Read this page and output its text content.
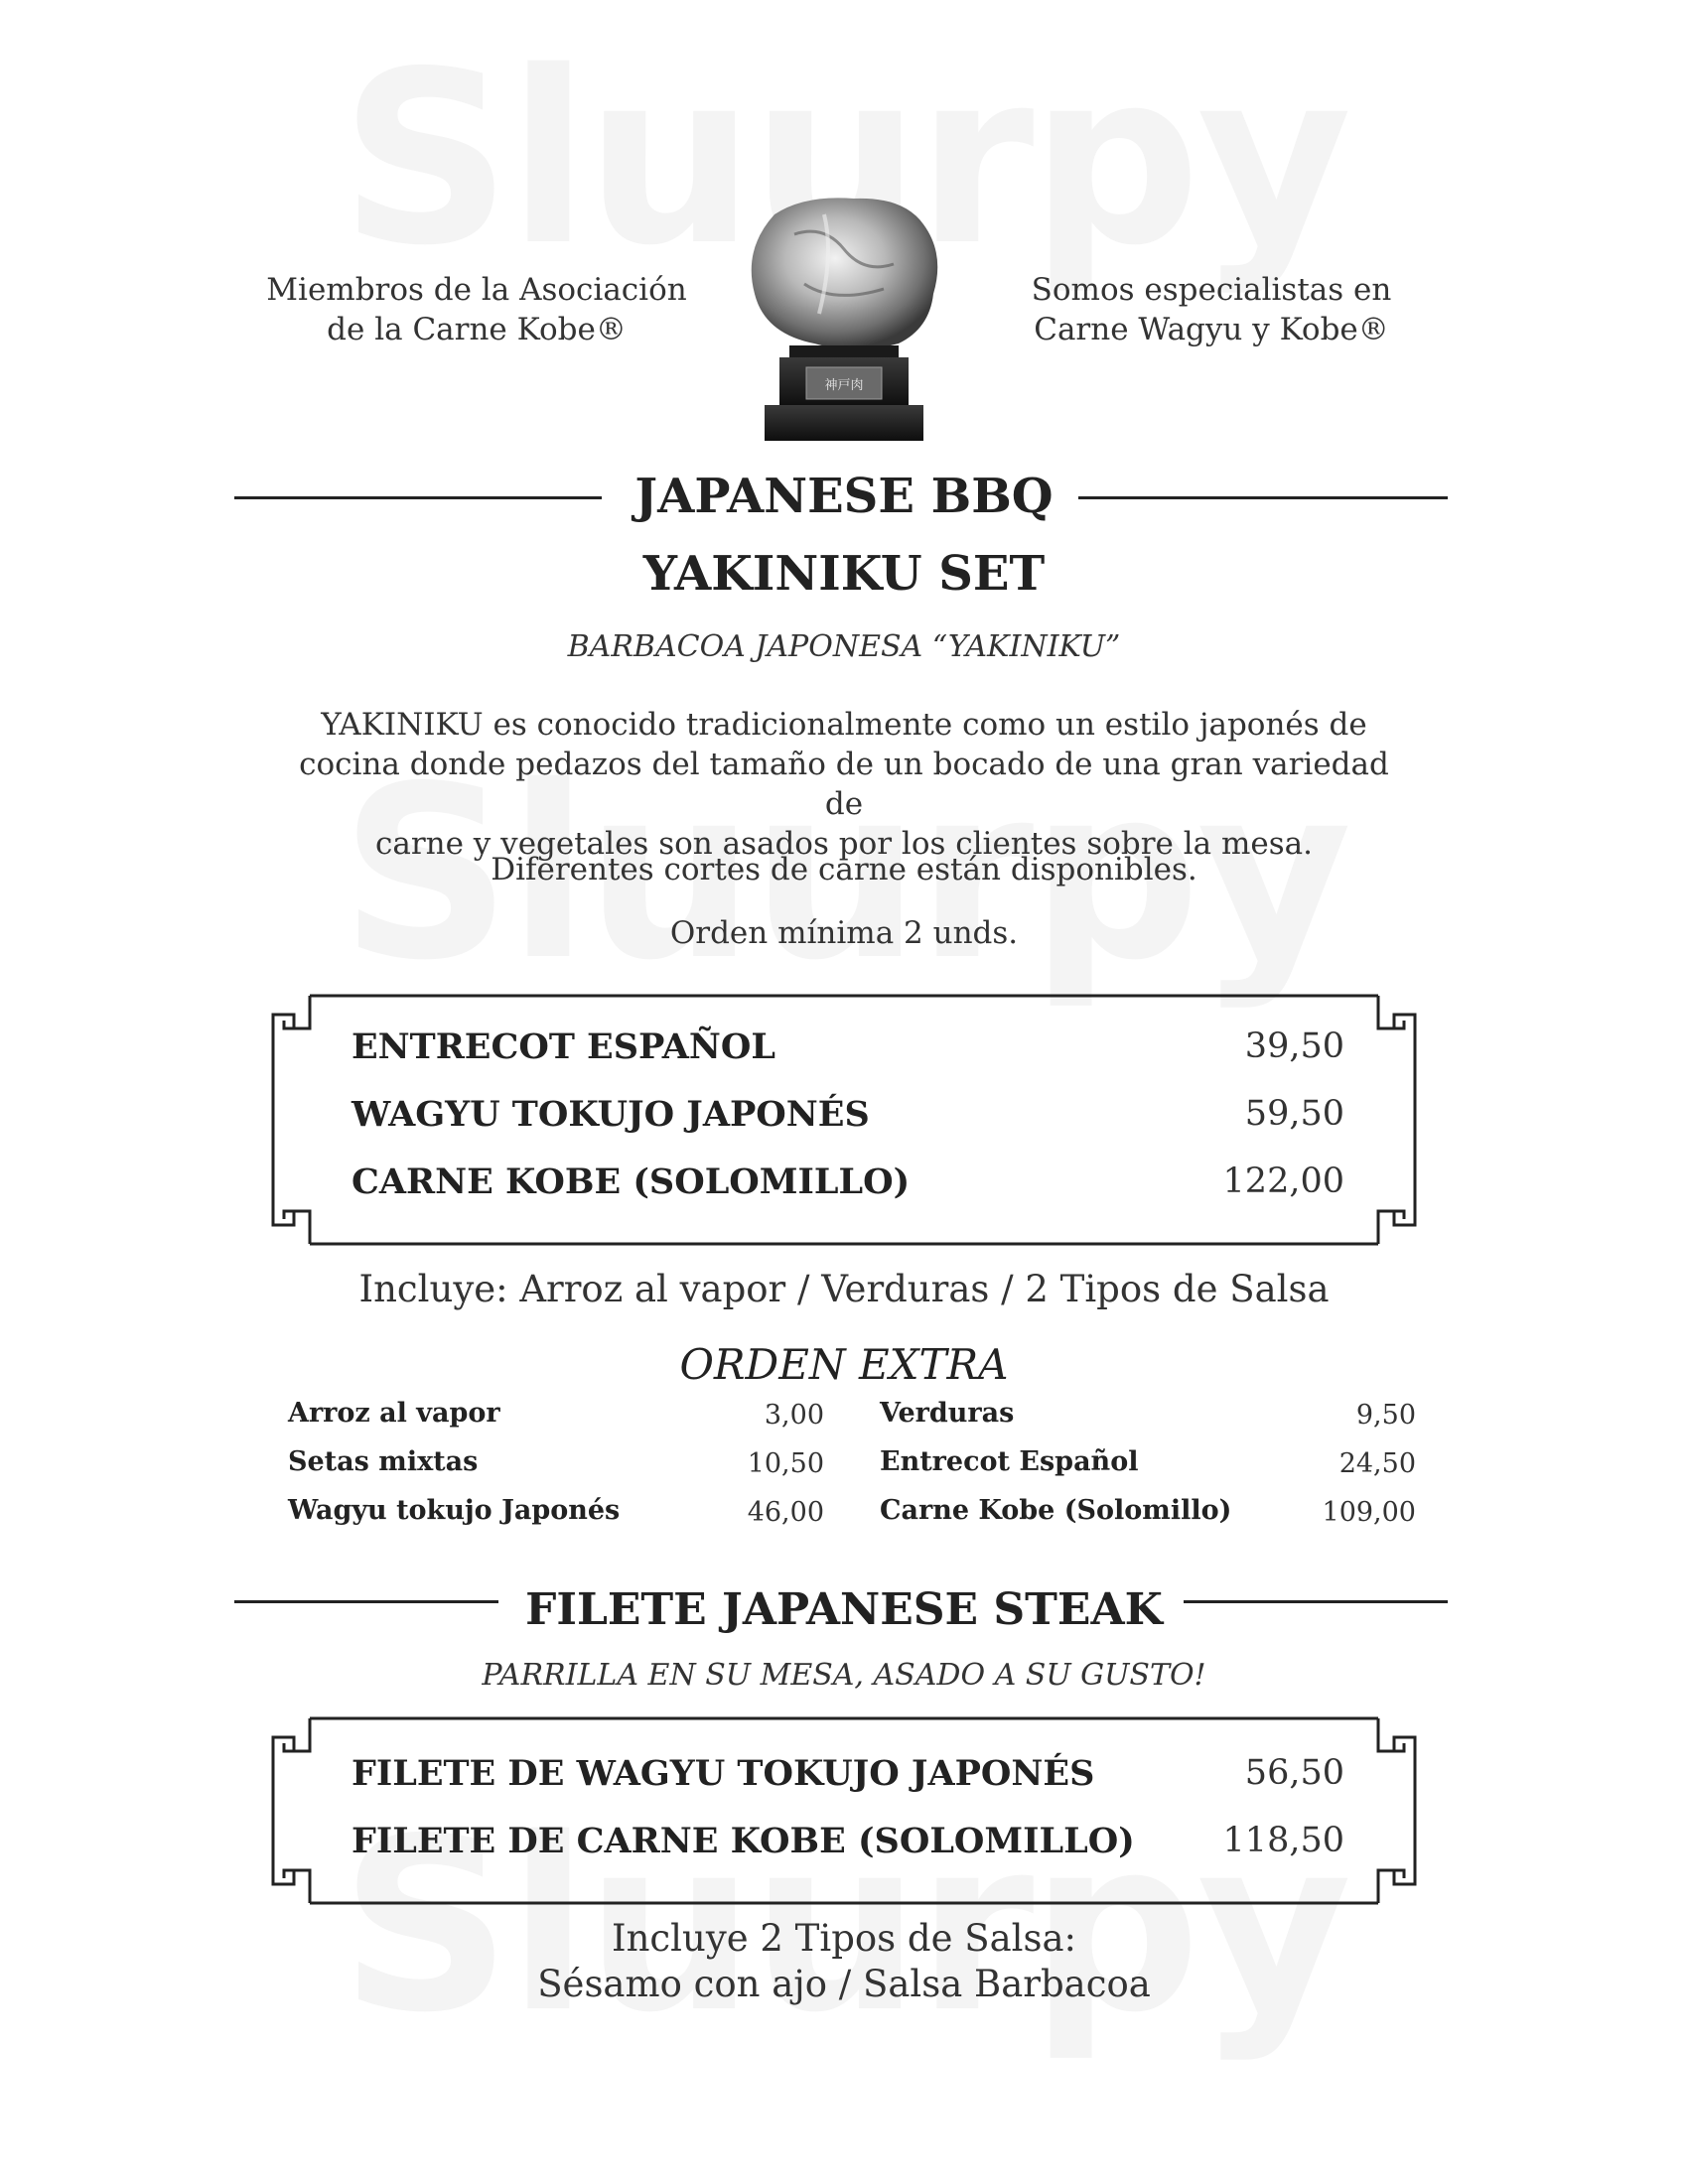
Miembros de la Asociación
de la Carne Kobe®
神戸肉
Somos especialistas en
Carne Wagyu y Kobe®
JAPANESE BBQ
YAKINIKU SET
BARBACOA JAPONESA “YAKINIKU”
YAKINIKU es conocido tradicionalmente como un estilo japonés de
cocina donde pedazos del tamaño de un bocado de una gran variedad de
carne y vegetales son asados por los clientes sobre la mesa.
Diferentes cortes de carne están disponibles.
Orden mínima 2 unds.
ENTRECOT ESPAÑOL	39,50
WAGYU TOKUJO JAPONÉS	59,50
CARNE KOBE (SOLOMILLO)	122,00
Incluye: Arroz al vapor / Verduras / 2 Tipos de Salsa
ORDEN EXTRA
Arroz al vapor	3,00
Setas mixtas	10,50
Wagyu tokujo Japonés	46,00
Verduras	9,50
Entrecot Español	24,50
Carne Kobe (Solomillo)	109,00
FILETE JAPANESE STEAK
PARRILLA EN SU MESA, ASADO A SU GUSTO!
FILETE DE WAGYU TOKUJO JAPONÉS	56,50
FILETE DE CARNE KOBE (SOLOMILLO)	118,50
Incluye 2 Tipos de Salsa:
Sésamo con ajo / Salsa Barbacoa
